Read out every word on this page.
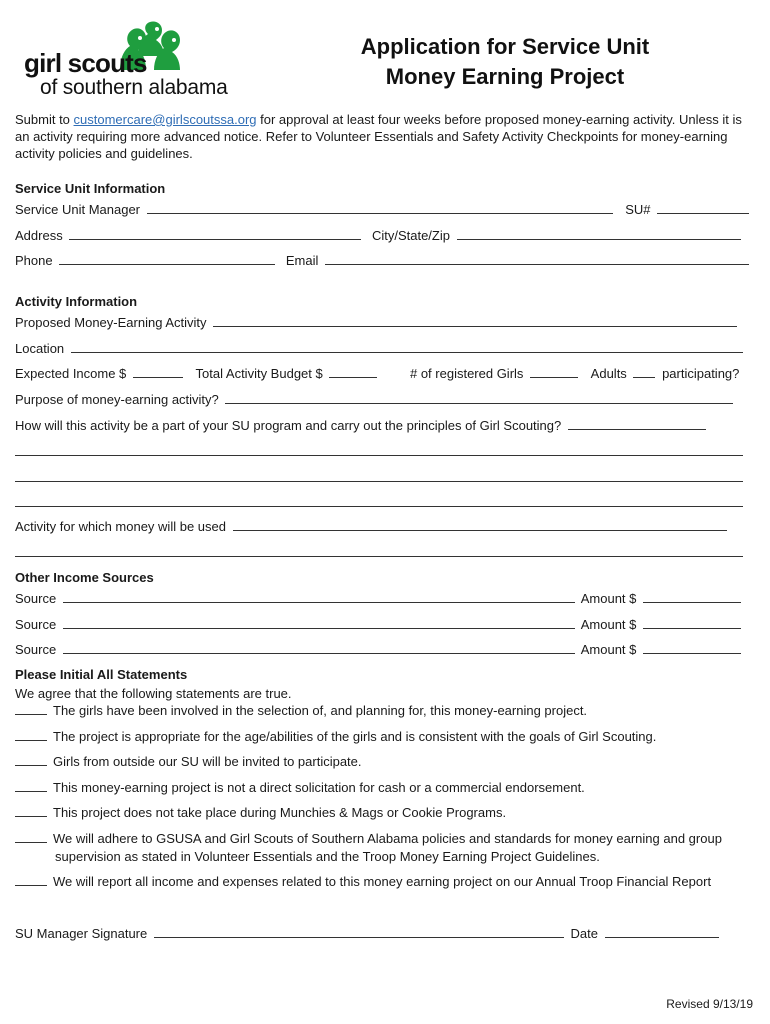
girl scouts
of southern alabama
Application for Service Unit
Money Earning Project
Submit to customercare@girlscoutssa.org for approval at least four weeks before proposed money-earning activity. Unless it is an activity requiring more advanced notice. Refer to Volunteer Essentials and Safety Activity Checkpoints for money-earning activity policies and guidelines.
Service Unit Information
Service Unit Manager	SU#
Address	City/State/Zip
Phone	Email
Activity Information
Proposed Money-Earning Activity
Location
Expected Income $	Total Activity Budget $	# of registered Girls	Adults	participating?
Purpose of money-earning activity?
How will this activity be a part of your SU program and carry out the principles of Girl Scouting?
Activity for which money will be used
Other Income Sources
Source	Amount $
Source	Amount $
Source	Amount $
Please Initial All Statements
We agree that the following statements are true.
The girls have been involved in the selection of, and planning for, this money-earning project.
The project is appropriate for the age/abilities of the girls and is consistent with the goals of Girl Scouting.
Girls from outside our SU will be invited to participate.
This money-earning project is not a direct solicitation for cash or a commercial endorsement.
This project does not take place during Munchies & Mags or Cookie Programs.
We will adhere to GSUSA and Girl Scouts of Southern Alabama policies and standards for money earning and group
supervision as stated in Volunteer Essentials and the Troop Money Earning Project Guidelines.
We will report all income and expenses related to this money earning project on our Annual Troop Financial Report
SU Manager Signature	Date
Revised 9/13/19
